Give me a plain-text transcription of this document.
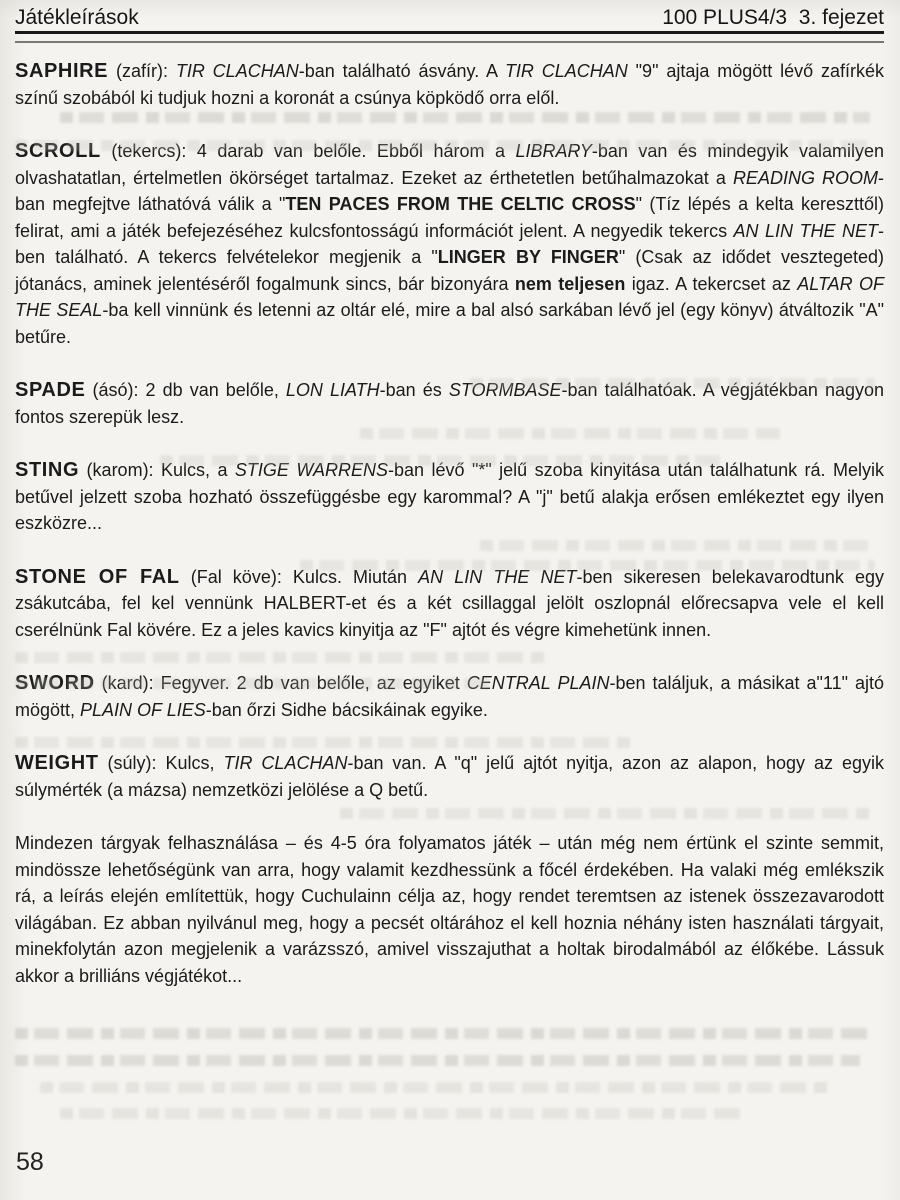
Játékleírások	100 PLUS4/3  3. fejezet

SAPHIRE (zafír): TIR CLACHAN-ban található ásvány. A TIR CLACHAN "9" ajtaja mögött lévő zafírkék színű szobából ki tudjuk hozni a koronát a csúnya köpködő orra elől.

SCROLL (tekercs): 4 darab van belőle. Ebből három a LIBRARY-ban van és mindegyik valamilyen olvashatatlan, értelmetlen ökörséget tartalmaz. Ezeket az érthetetlen betűhalmazokat a READING ROOM-ban megfejtve láthatóvá válik a "TEN PACES FROM THE CELTIC CROSS" (Tíz lépés a kelta kereszttől) felirat, ami a játék befejezéséhez kulcsfontosságú információt jelent. A negyedik tekercs AN LIN THE NET-ben található. A tekercs felvételekor megjenik a "LINGER BY FINGER" (Csak az idődet vesztegeted) jótanács, aminek jelentéséről fogalmunk sincs, bár bizonyára nem teljesen igaz. A tekercset az ALTAR OF THE SEAL-ba kell vinnünk és letenni az oltár elé, mire a bal alsó sarkában lévő jel (egy könyv) átváltozik "A" betűre.

SPADE (ásó): 2 db van belőle, LON LIATH-ban és STORMBASE-ban találhatóak. A végjátékban nagyon fontos szerepük lesz.

STING (karom): Kulcs, a STIGE WARRENS-ban lévő "*" jelű szoba kinyitása után találhatunk rá. Melyik betűvel jelzett szoba hozható összefüggésbe egy karommal? A "j" betű alakja erősen emlékeztet egy ilyen eszközre...

STONE OF FAL (Fal köve): Kulcs. Miután AN LIN THE NET-ben sikeresen belekavarodtunk egy zsákutcába, fel kel vennünk HALBERT-et és a két csillaggal jelölt oszlopnál előrecsapva vele el kell cserélnünk Fal kövére. Ez a jeles kavics kinyitja az "F" ajtót és végre kimehetünk innen.

SWORD (kard): Fegyver. 2 db van belőle, az egyiket CENTRAL PLAIN-ben találjuk, a másikat a"11" ajtó mögött, PLAIN OF LIES-ban őrzi Sidhe bácsikáinak egyike.

WEIGHT (súly): Kulcs, TIR CLACHAN-ban van. A "q" jelű ajtót nyitja, azon az alapon, hogy az egyik súlymérték (a mázsa) nemzetközi jelölése a Q betű.

Mindezen tárgyak felhasználása – és 4-5 óra folyamatos játék – után még nem értünk el szinte semmit, mindössze lehetőségünk van arra, hogy valamit kezdhessünk a főcél érdekében. Ha valaki még emlékszik rá, a leírás elején említettük, hogy Cuchulainn célja az, hogy rendet teremtsen az istenek összezavarodott világában. Ez abban nyilvánul meg, hogy a pecsét oltárához el kell hoznia néhány isten használati tárgyait, minekfolytán azon megjelenik a varázsszó, amivel visszajuthat a holtak birodalmából az élőkébe. Lássuk akkor a brilliáns végjátékot...

58
